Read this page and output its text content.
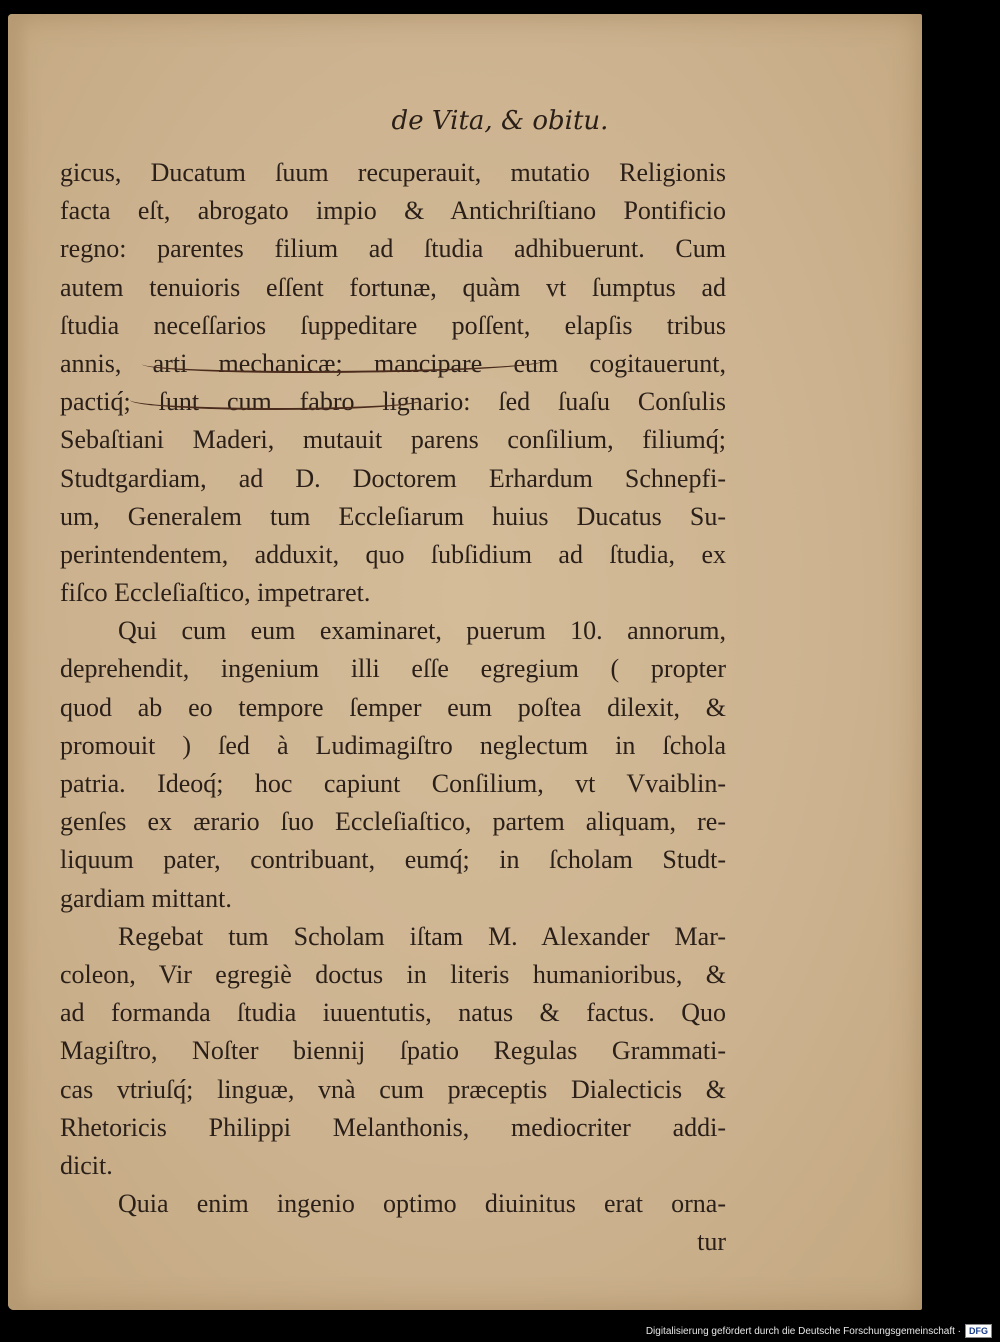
de Vita, & obitu.
gicus, Ducatum ſuum recuperauit, mutatio Religionis
facta eſt, abrogato impio & Antichriſtiano Pontificio
regno: parentes filium ad ſtudia adhibuerunt. Cum
autem tenuioris eſſent fortunæ, quàm vt ſumptus ad
ſtudia neceſſarios ſuppeditare poſſent, elapſis tribus
annis, arti mechanicæ; mancipare eum cogitauerunt,
pactiq́; ſunt cum fabro lignario: ſed ſuaſu Conſulis
Sebaſtiani Maderi, mutauit parens conſilium, filiumq́;
Studtgardiam, ad D. Doctorem Erhardum Schnepfi-
um, Generalem tum Eccleſiarum huius Ducatus Su-
perintendentem, adduxit, quo ſubſidium ad ſtudia, ex
fiſco Eccleſiaſtico, impetraret.
Qui cum eum examinaret, puerum 10. annorum,
deprehendit, ingenium illi eſſe egregium ( propter
quod ab eo tempore ſemper eum poſtea dilexit, &
promouit ) ſed à Ludimagiſtro neglectum in ſchola
patria. Ideoq́; hoc capiunt Conſilium, vt Vvaiblin-
genſes ex ærario ſuo Eccleſiaſtico, partem aliquam, re-
liquum pater, contribuant, eumq́; in ſcholam Studt-
gardiam mittant.
Regebat tum Scholam iſtam M. Alexander Mar-
coleon, Vir egregiè doctus in literis humanioribus, &
ad formanda ſtudia iuuentutis, natus & factus. Quo
Magiſtro, Noſter bienniј ſpatio Regulas Grammati-
cas vtriuſq́; linguæ, vnà cum præceptis Dialecticis &
Rhetoricis Philippi Melanthonis, mediocriter addi-
dicit.
Quia enim ingenio optimo diuinitus erat orna-
tur
Digitalisierung gefördert durch die Deutsche Forschungsgemeinschaft · DFG
